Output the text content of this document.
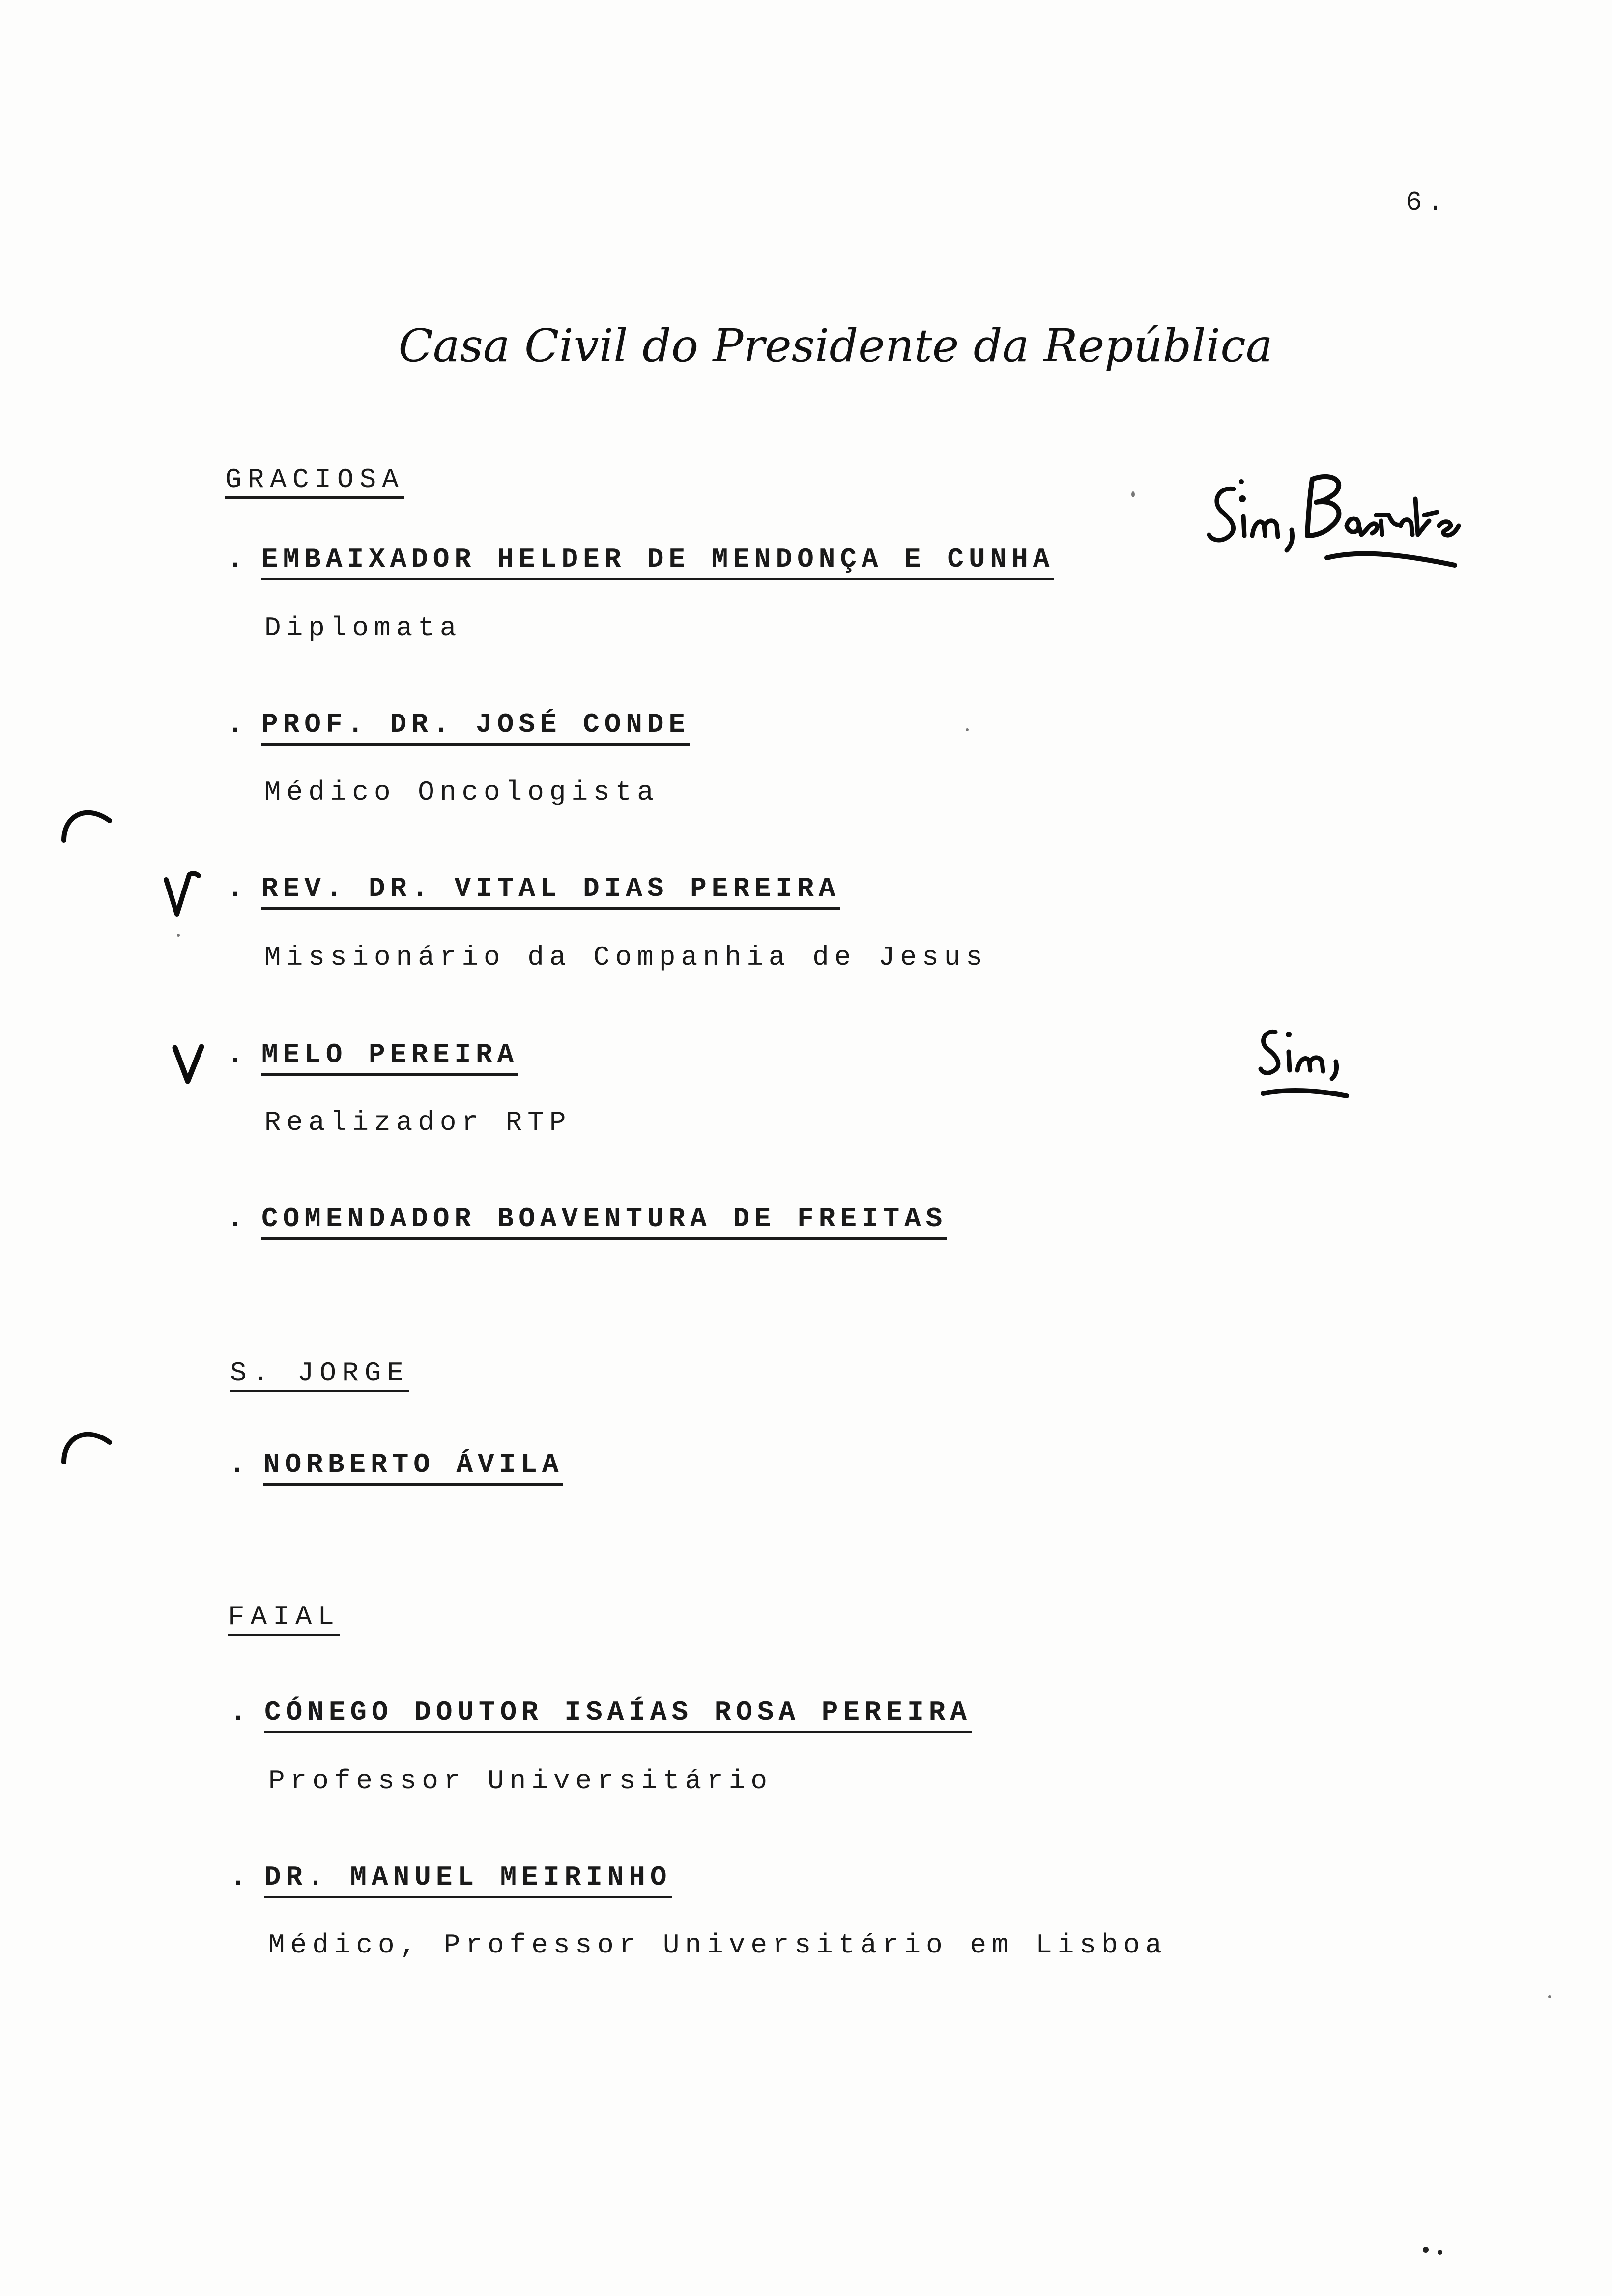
6.
Casa Civil do Presidente da República
GRACIOSA
. EMBAIXADOR HELDER DE MENDONÇA E CUNHA
Diplomata
. PROF. DR. JOSÉ CONDE
Médico Oncologista
. REV. DR. VITAL DIAS PEREIRA
Missionário da Companhia de Jesus
. MELO PEREIRA
Realizador RTP
. COMENDADOR BOAVENTURA DE FREITAS
S. JORGE
. NORBERTO ÁVILA
FAIAL
. CÓNEGO DOUTOR ISAÍAS ROSA PEREIRA
Professor Universitário
. DR. MANUEL MEIRINHO
Médico, Professor Universitário em Lisboa
